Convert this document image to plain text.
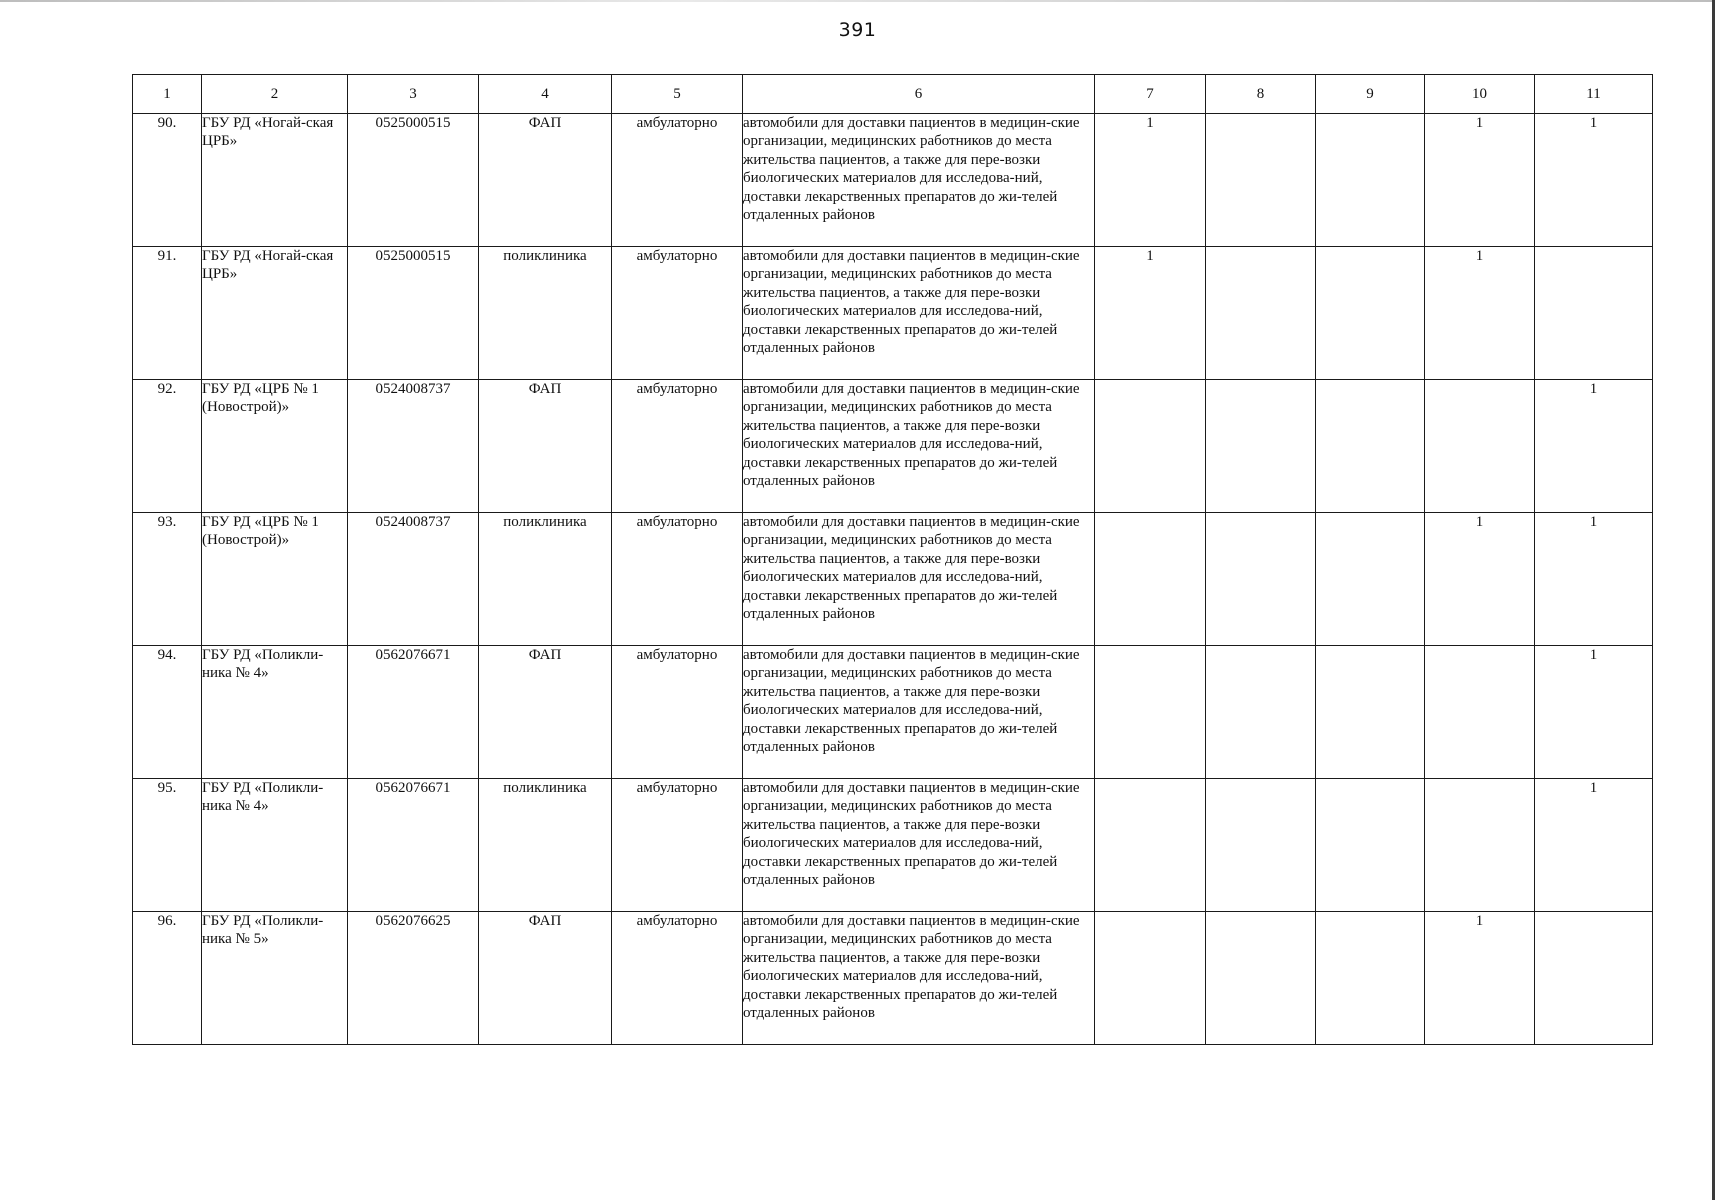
391
1	2	3	4	5	6	7	8	9	10	11
90.	ГБУ РД «Ногай-ская ЦРБ»	0525000515	ФАП	амбулаторно	автомобили для доставки пациентов в медицин-ские организации, медицинских работников до места жительства пациентов, а также для пере-возки биологических материалов для исследова-ний, доставки лекарственных препаратов до жи-телей отдаленных районов	1			1	1
91.	ГБУ РД «Ногай-ская ЦРБ»	0525000515	поликлиника	амбулаторно	автомобили для доставки пациентов в медицин-ские организации, медицинских работников до места жительства пациентов, а также для пере-возки биологических материалов для исследова-ний, доставки лекарственных препаратов до жи-телей отдаленных районов	1			1	
92.	ГБУ РД «ЦРБ № 1 (Новострой)»	0524008737	ФАП	амбулаторно	автомобили для доставки пациентов в медицин-ские организации, медицинских работников до места жительства пациентов, а также для пере-возки биологических материалов для исследова-ний, доставки лекарственных препаратов до жи-телей отдаленных районов					1
93.	ГБУ РД «ЦРБ № 1 (Новострой)»	0524008737	поликлиника	амбулаторно	автомобили для доставки пациентов в медицин-ские организации, медицинских работников до места жительства пациентов, а также для пере-возки биологических материалов для исследова-ний, доставки лекарственных препаратов до жи-телей отдаленных районов				1	1
94.	ГБУ РД «Поликли-ника № 4»	0562076671	ФАП	амбулаторно	автомобили для доставки пациентов в медицин-ские организации, медицинских работников до места жительства пациентов, а также для пере-возки биологических материалов для исследова-ний, доставки лекарственных препаратов до жи-телей отдаленных районов					1
95.	ГБУ РД «Поликли-ника № 4»	0562076671	поликлиника	амбулаторно	автомобили для доставки пациентов в медицин-ские организации, медицинских работников до места жительства пациентов, а также для пере-возки биологических материалов для исследова-ний, доставки лекарственных препаратов до жи-телей отдаленных районов					1
96.	ГБУ РД «Поликли-ника № 5»	0562076625	ФАП	амбулаторно	автомобили для доставки пациентов в медицин-ские организации, медицинских работников до места жительства пациентов, а также для пере-возки биологических материалов для исследова-ний, доставки лекарственных препаратов до жи-телей отдаленных районов				1	
